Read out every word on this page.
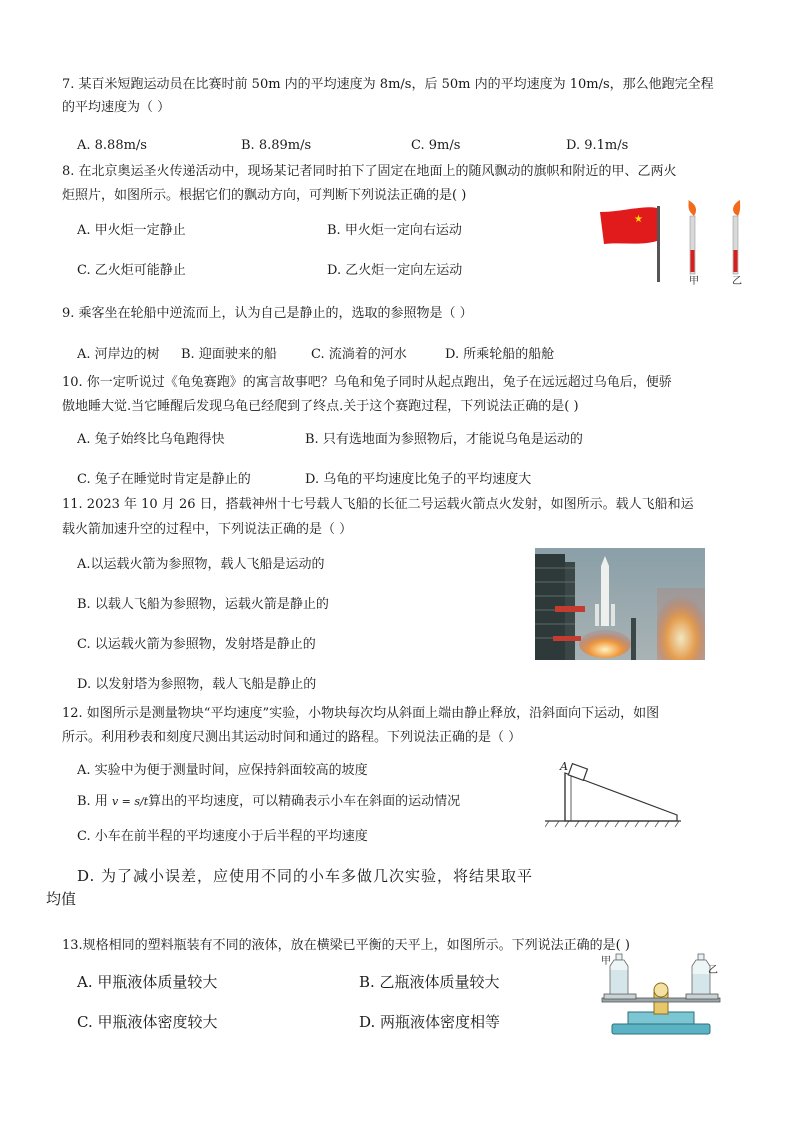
7. 某百米短跑运动员在比赛时前 50m 内的平均速度为 8m/s，后 50m 内的平均速度为 10m/s，那么他跑完全程
的平均速度为（ ）
A. 8.88m/s	B. 8.89m/s	C. 9m/s	D. 9.1m/s
8. 在北京奥运圣火传递活动中，现场某记者同时拍下了固定在地面上的随风飘动的旗帜和附近的甲、乙两火
炬照片，如图所示。根据它们的飘动方向，可判断下列说法正确的是( )
A. 甲火炬一定静止	B. 甲火炬一定向右运动
C. 乙火炬可能静止	D. 乙火炬一定向左运动
★
甲	乙
9. 乘客坐在轮船中逆流而上，认为自己是静止的，选取的参照物是（ ）
A. 河岸边的树 B. 迎面驶来的船	C. 流淌着的河水	D. 所乘轮船的船舱
10. 你一定听说过《龟兔赛跑》的寓言故事吧？乌龟和兔子同时从起点跑出，兔子在远远超过乌龟后，便骄
傲地睡大觉.当它睡醒后发现乌龟已经爬到了终点.关于这个赛跑过程，下列说法正确的是( )
A. 兔子始终比乌龟跑得快	B. 只有选地面为参照物后，才能说乌龟是运动的
C. 兔子在睡觉时肯定是静止的	D. 乌龟的平均速度比兔子的平均速度大
11. 2023 年 10 月 26 日，搭载神州十七号载人飞船的长征二号运载火箭点火发射，如图所示。载人飞船和运
载火箭加速升空的过程中，下列说法正确的是（ ）
A.以运载火箭为参照物，载人飞船是运动的
B. 以载人飞船为参照物，运载火箭是静止的
C. 以运载火箭为参照物，发射塔是静止的
D. 以发射塔为参照物，载人飞船是静止的
12. 如图所示是测量物块“平均速度”实验，小物块每次均从斜面上端由静止释放，沿斜面向下运动，如图
所示。利用秒表和刻度尺测出其运动时间和通过的路程。下列说法正确的是（ ）
A. 实验中为便于测量时间，应保持斜面较高的坡度
B. 用 v = s/t算出的平均速度，可以精确表示小车在斜面的运动情况
C. 小车在前半程的平均速度小于后半程的平均速度
D. 为了减小误差，应使用不同的小车多做几次实验，将结果取平
均值
A
13.规格相同的塑料瓶装有不同的液体，放在横梁已平衡的天平上，如图所示。下列说法正确的是( )
A. 甲瓶液体质量较大	B. 乙瓶液体质量较大
C. 甲瓶液体密度较大	D. 两瓶液体密度相等
甲
乙
